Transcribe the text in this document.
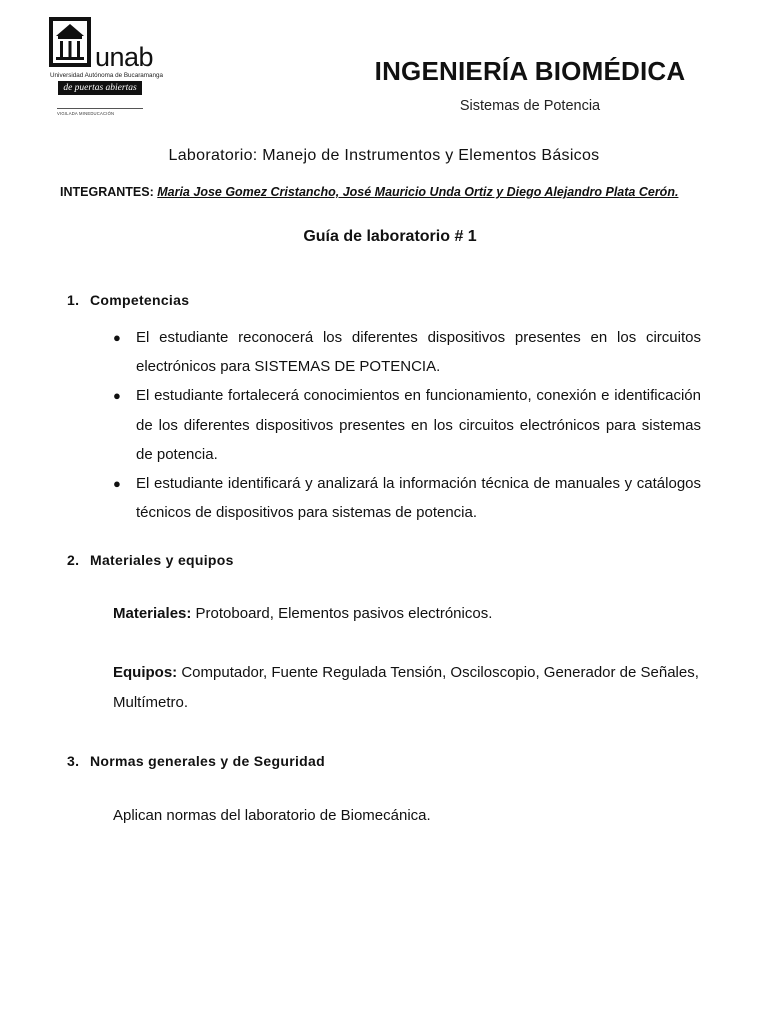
unab
Universidad Autónoma de Bucaramanga
de puertas abiertas
VIGILADA MINEDUCACIÓN
INGENIERÍA BIOMÉDICA
Sistemas de Potencia
Laboratorio: Manejo de Instrumentos y Elementos Básicos
INTEGRANTES: Maria Jose Gomez Cristancho, José Mauricio Unda Ortiz y Diego Alejandro Plata Cerón.
Guía de laboratorio # 1
1. Competencias
● El estudiante reconocerá los diferentes dispositivos presentes en los circuitos electrónicos para SISTEMAS DE POTENCIA.
● El estudiante fortalecerá conocimientos en funcionamiento, conexión e identificación de los diferentes dispositivos presentes en los circuitos electrónicos para sistemas de potencia.
● El estudiante identificará y analizará la información técnica de manuales y catálogos técnicos de dispositivos para sistemas de potencia.
2. Materiales y equipos
Materiales: Protoboard, Elementos pasivos electrónicos.
Equipos: Computador, Fuente Regulada Tensión, Osciloscopio, Generador de Señales, Multímetro.
3. Normas generales y de Seguridad
Aplican normas del laboratorio de Biomecánica.
